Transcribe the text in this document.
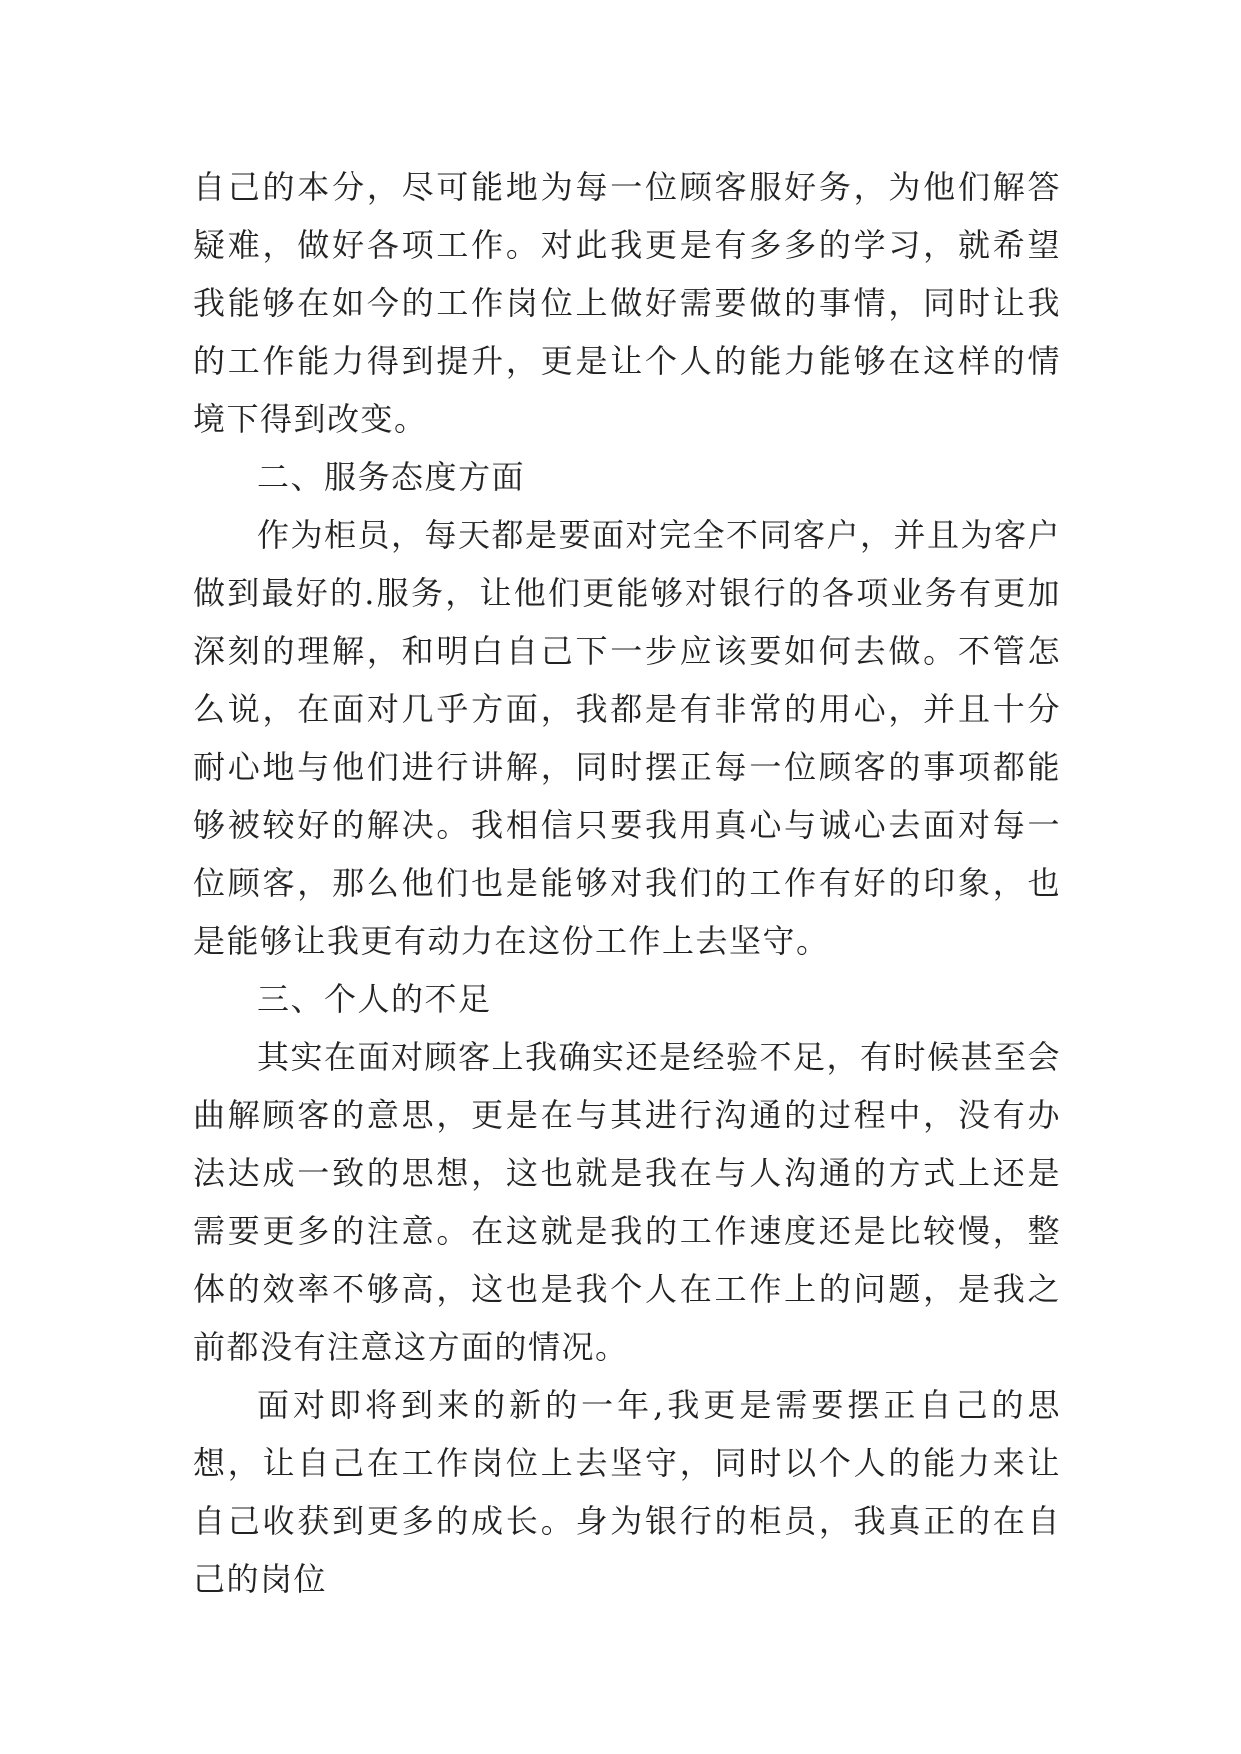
自己的本分，尽可能地为每一位顾客服好务，为他们解答疑难，做好各项工作。对此我更是有多多的学习，就希望我能够在如今的工作岗位上做好需要做的事情，同时让我的工作能力得到提升，更是让个人的能力能够在这样的情境下得到改变。

二、服务态度方面

作为柜员，每天都是要面对完全不同客户，并且为客户做到最好的.服务，让他们更能够对银行的各项业务有更加深刻的理解，和明白自己下一步应该要如何去做。不管怎么说，在面对几乎方面，我都是有非常的用心，并且十分耐心地与他们进行讲解，同时摆正每一位顾客的事项都能够被较好的解决。我相信只要我用真心与诚心去面对每一位顾客，那么他们也是能够对我们的工作有好的印象，也是能够让我更有动力在这份工作上去坚守。

三、个人的不足

其实在面对顾客上我确实还是经验不足，有时候甚至会曲解顾客的意思，更是在与其进行沟通的过程中，没有办法达成一致的思想，这也就是我在与人沟通的方式上还是需要更多的注意。在这就是我的工作速度还是比较慢，整体的效率不够高，这也是我个人在工作上的问题，是我之前都没有注意这方面的情况。

面对即将到来的新的一年,我更是需要摆正自己的思想，让自己在工作岗位上去坚守，同时以个人的能力来让自己收获到更多的成长。身为银行的柜员，我真正的在自己的岗位
